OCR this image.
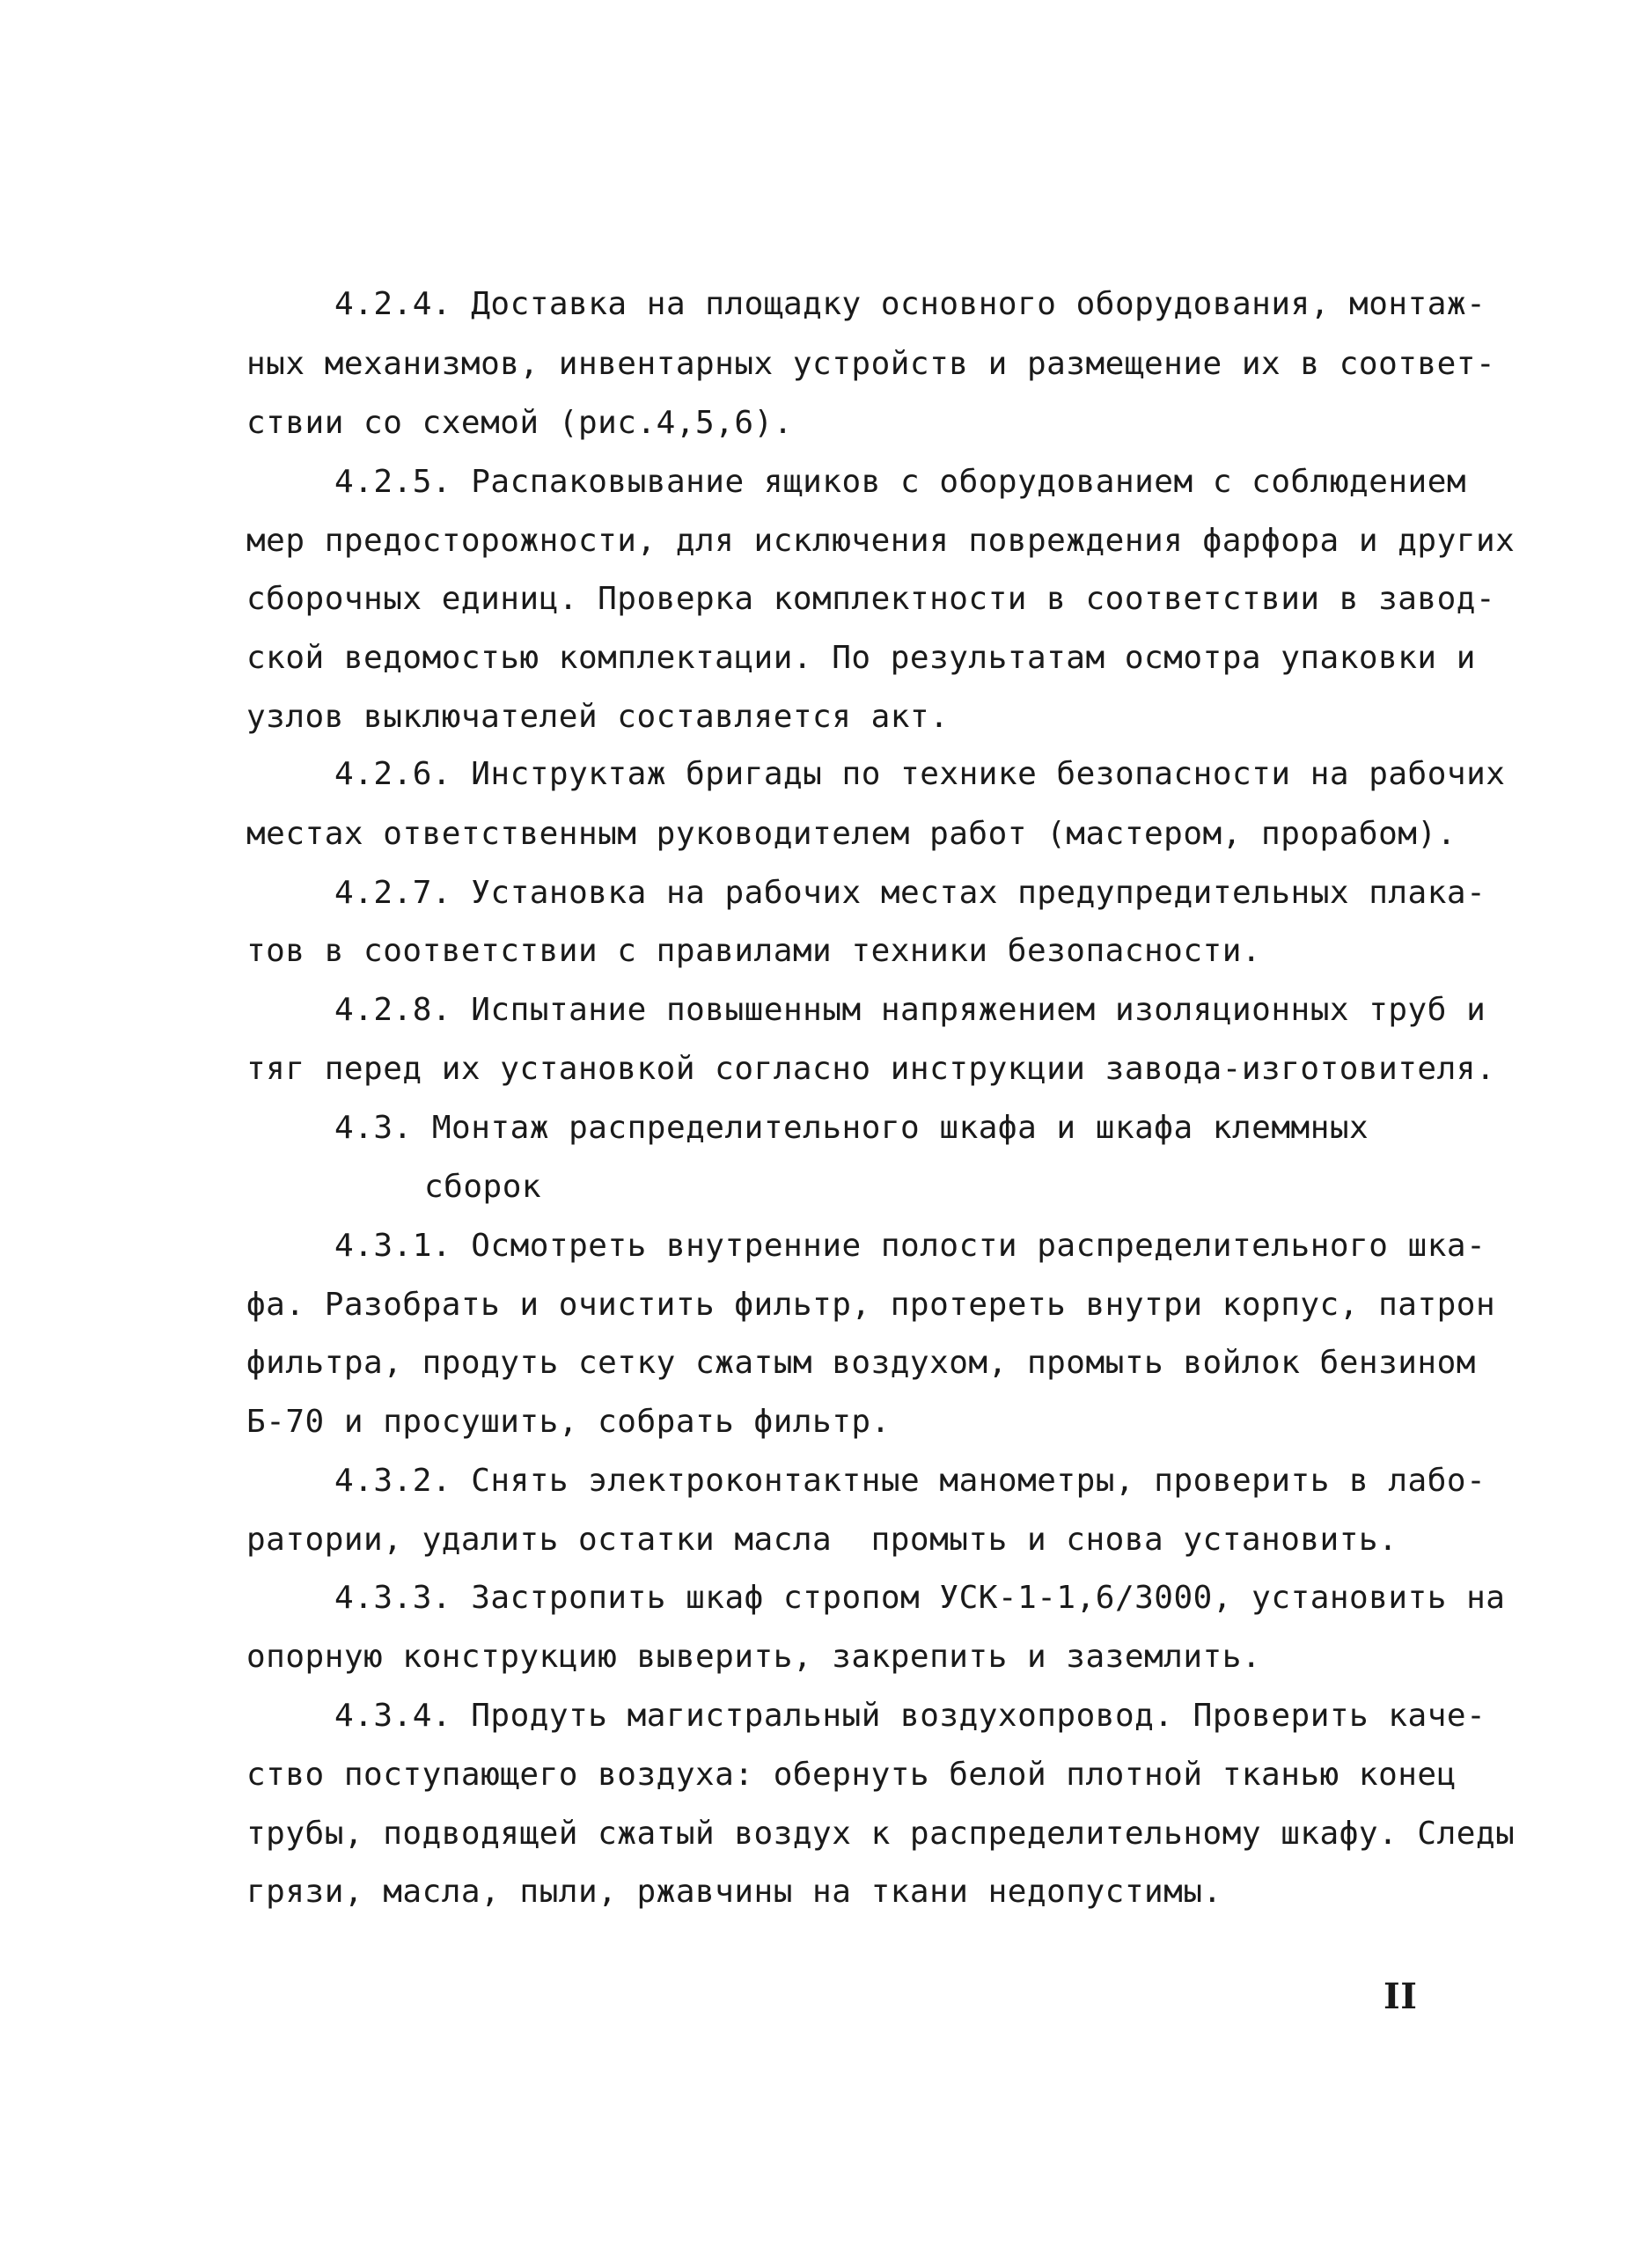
4.2.4. Доставка на площадку основного оборудования, монтаж-
ных механизмов, инвентарных устройств и размещение их в соответ-
ствии со схемой (рис.4,5,6).
4.2.5. Распаковывание ящиков с оборудованием с соблюдением
мер предосторожности, для исключения повреждения фарфора и других
сборочных единиц. Проверка комплектности в соответствии в завод-
ской ведомостью комплектации. По результатам осмотра упаковки и
узлов выключателей составляется акт.
4.2.6. Инструктаж бригады по технике безопасности на рабочих
местах ответственным руководителем работ (мастером, прорабом).
4.2.7. Установка на рабочих местах предупредительных плака-
тов в соответствии с правилами техники безопасности.
4.2.8. Испытание повышенным напряжением изоляционных труб и
тяг перед их установкой согласно инструкции завода-изготовителя.
4.3. Монтаж распределительного шкафа и шкафа клеммных
сборок
4.3.1. Осмотреть внутренние полости распределительного шка-
фа. Разобрать и очистить фильтр, протереть внутри корпус, патрон
фильтра, продуть сетку сжатым воздухом, промыть войлок бензином
Б-70 и просушить, собрать фильтр.
4.3.2. Снять электроконтактные манометры, проверить в лабо-
ратории, удалить остатки масла  промыть и снова установить.
4.3.3. Застропить шкаф стропом УСК-1-1,6/3000, установить на
опорную конструкцию выверить, закрепить и заземлить.
4.3.4. Продуть магистральный воздухопровод. Проверить каче-
ство поступающего воздуха: обернуть белой плотной тканью конец
трубы, подводящей сжатый воздух к распределительному шкафу. Следы
грязи, масла, пыли, ржавчины на ткани недопустимы.
II
